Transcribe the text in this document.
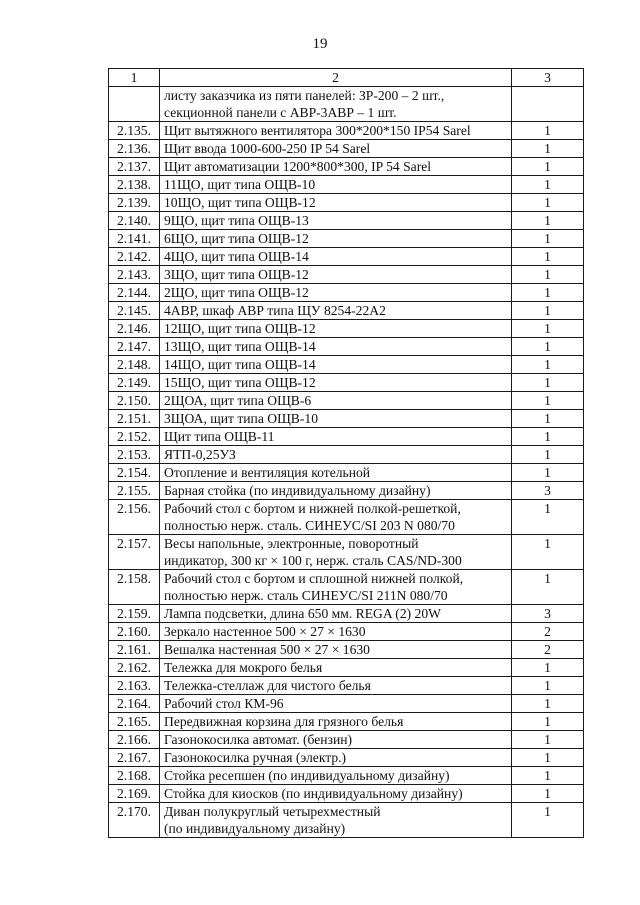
19
1	2	3
	листу заказчика из пяти панелей: ЗР-200 – 2 шт.,
секционной панели с АВР-3АВР – 1 шт.	
2.135.	Щит вытяжного вентилятора 300*200*150 IP54 Sarel	1
2.136.	Щит ввода 1000-600-250 IP 54 Sarel	1
2.137.	Щит автоматизации 1200*800*300, IP 54 Sarel	1
2.138.	11ЩО, щит типа ОЩВ-10	1
2.139.	10ЩО, щит типа ОЩВ-12	1
2.140.	9ЩО, щит типа ОЩВ-13	1
2.141.	6ЩО, щит типа ОЩВ-12	1
2.142.	4ЩО, щит типа ОЩВ-14	1
2.143.	3ЩО, щит типа ОЩВ-12	1
2.144.	2ЩО, щит типа ОЩВ-12	1
2.145.	4АВР, шкаф АВР типа ЩУ 8254-22А2	1
2.146.	12ЩО, щит типа ОЩВ-12	1
2.147.	13ЩО, щит типа ОЩВ-14	1
2.148.	14ЩО, щит типа ОЩВ-14	1
2.149.	15ЩО, щит типа ОЩВ-12	1
2.150.	2ЩОА, щит типа ОЩВ-6	1
2.151.	3ЩОА, щит типа ОЩВ-10	1
2.152.	Щит типа ОЩВ-11	1
2.153.	ЯТП-0,25УЗ	1
2.154.	Отопление и вентиляция котельной	1
2.155.	Барная стойка (по индивидуальному дизайну)	3
2.156.	Рабочий стол с бортом и нижней полкой-решеткой,
полностью нерж. сталь. СИНЕУС/SI 203 N 080/70	1
2.157.	Весы напольные, электронные, поворотный
индикатор, 300 кг × 100 г, нерж. сталь CAS/ND-300	1
2.158.	Рабочий стол с бортом и сплошной нижней полкой,
полностью нерж. сталь СИНЕУС/SI 211N 080/70	1
2.159.	Лампа подсветки, длина 650 мм. REGA (2) 20W	3
2.160.	Зеркало настенное 500 × 27 × 1630	2
2.161.	Вешалка настенная 500 × 27 × 1630	2
2.162.	Тележка для мокрого белья	1
2.163.	Тележка-стеллаж для чистого белья	1
2.164.	Рабочий стол КМ-96	1
2.165.	Передвижная корзина для грязного белья	1
2.166.	Газонокосилка автомат. (бензин)	1
2.167.	Газонокосилка ручная (электр.)	1
2.168.	Стойка ресепшен (по индивидуальному дизайну)	1
2.169.	Стойка для киосков (по индивидуальному дизайну)	1
2.170.	Диван полукруглый четырехместный
(по индивидуальному дизайну)	1
